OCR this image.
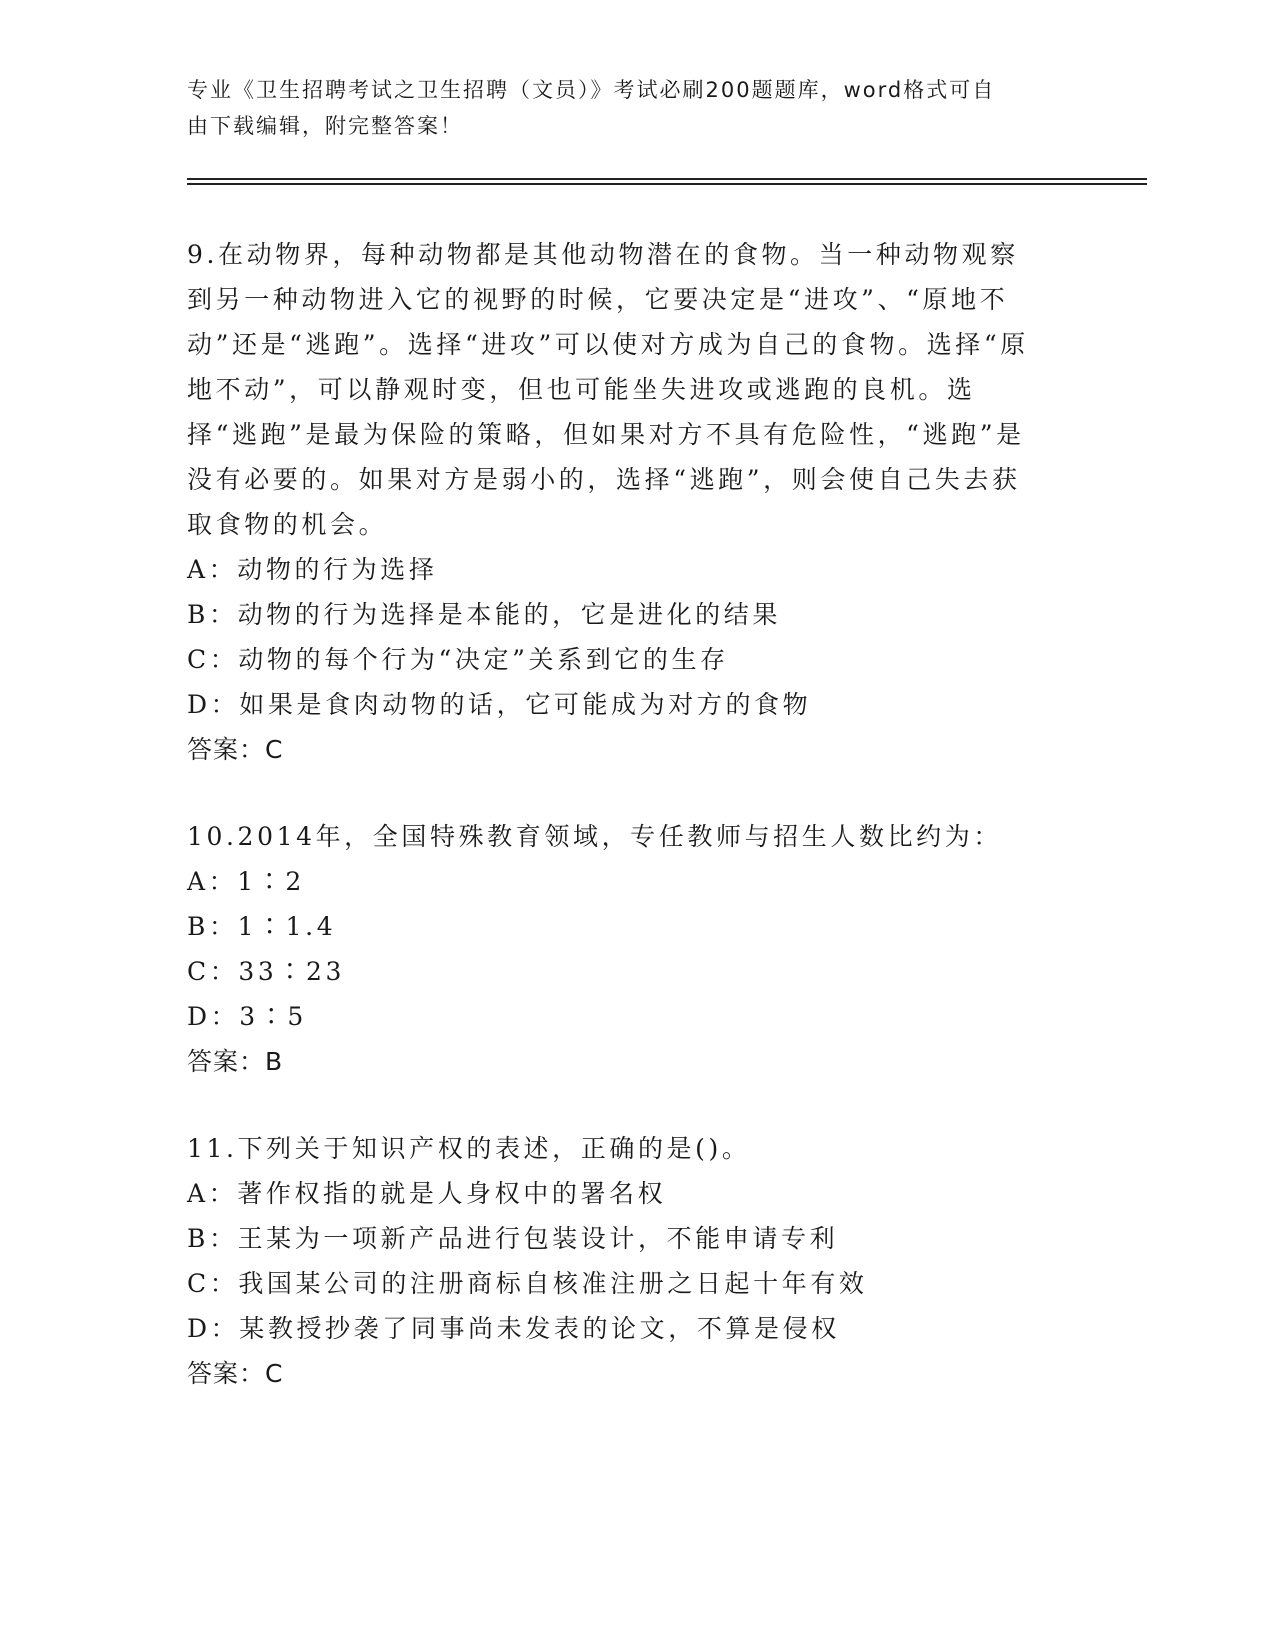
专业《卫生招聘考试之卫生招聘（文员）》考试必刷200题题库，word格式可自
由下载编辑，附完整答案！

9.在动物界，每种动物都是其他动物潜在的食物。当一种动物观察到另一种动物进入它的视野的时候，它要决定是“进攻”、“原地不动”还是“逃跑”。选择“进攻”可以使对方成为自己的食物。选择“原地不动”，可以静观时变，但也可能坐失进攻或逃跑的良机。选择“逃跑”是最为保险的策略，但如果对方不具有危险性，“逃跑”是没有必要的。如果对方是弱小的，选择“逃跑”，则会使自己失去获取食物的机会。

A：动物的行为选择

B：动物的行为选择是本能的，它是进化的结果

C：动物的每个行为“决定”关系到它的生存

D：如果是食肉动物的话，它可能成为对方的食物

答案：C

10.2014年，全国特殊教育领域，专任教师与招生人数比约为：

A：1∶2

B：1∶1.4

C：33∶23

D：3∶5

答案：B

11.下列关于知识产权的表述，正确的是()。

A：著作权指的就是人身权中的署名权

B：王某为一项新产品进行包装设计，不能申请专利

C：我国某公司的注册商标自核准注册之日起十年有效

D：某教授抄袭了同事尚未发表的论文，不算是侵权

答案：C
